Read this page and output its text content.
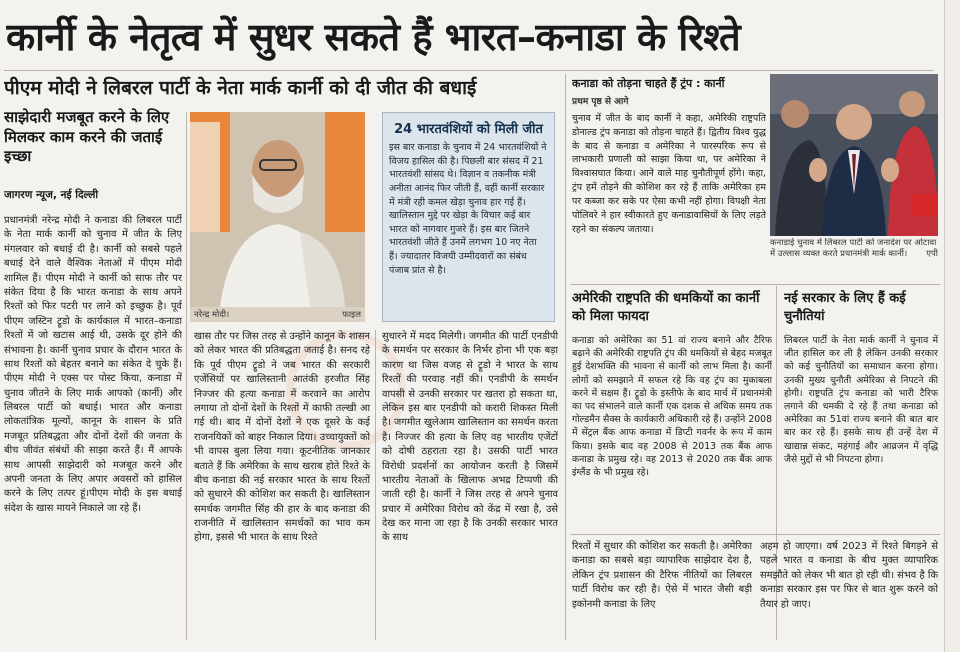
कार्नी के नेतृत्व में सुधर सकते हैं भारत–कनाडा के रिश्ते
पीएम मोदी ने लिबरल पार्टी के नेता मार्क कार्नी को दी जीत की बधाई
साझेदारी मजबूत करने के लिए मिलकर काम करने की जताई इच्छा
जागरण न्यूज, नई दिल्ली
प्रधानमंत्री नरेन्द्र मोदी ने कनाडा की लिबरल पार्टी के नेता मार्क कार्नी को चुनाव में जीत के लिए मंगलवार को बधाई दी है। कार्नी को सबसे पहले बधाई देने वाले वैश्विक नेताओं में पीएम मोदी शामिल हैं। पीएम मोदी ने कार्नी को साफ तौर पर संकेत दिया है कि भारत कनाडा के साथ अपने रिश्तों को फिर पटरी पर लाने को इच्छुक है। पूर्व पीएम जस्टिन ट्रूडो के कार्यकाल में भारत–कनाडा रिश्तों में जो खटास आई थी, उसके दूर होने की संभावना है। कार्नी चुनाव प्रचार के दौरान भारत के साथ रिश्तों को बेहतर बनाने का संकेत दे चुके हैं। पीएम मोदी ने एक्स पर पोस्ट किया, कनाडा में चुनाव जीतने के लिए मार्क आपको (कार्नी) और लिबरल पार्टी को बधाई। भारत और कनाडा लोकतांत्रिक मूल्यों, कानून के शासन के प्रति मजबूत प्रतिबद्धता और दोनों देशों की जनता के बीच जीवंत संबंधों की साझा करते हैं। मैं आपके साथ आपसी साझेदारी को मजबूत करने और अपनी जनता के लिए अपार अवसरों को हासिल करने के लिए तत्पर हूं।पीएम मोदी के इस बधाई संदेश के खास मायने निकाले जा रहे हैं।
नरेन्द्र मोदी।	फाइल
24 भारतवंशियों को मिली जीत
इस बार कनाडा के चुनाव में 24 भारतवंशियों ने विजय हासिल की है। पिछली बार संसद में 21 भारतवंशी सांसद थे। विज्ञान व तकनीक मंत्री अनीता आनंद फिर जीती हैं, वहीं कार्नी सरकार में मंत्री रही कमल खेड़ा चुनाव हार गई हैं। खालिस्तान मुद्दे पर खेड़ा के विचार कई बार भारत को नागवार गुजरे हैं। इस बार जितने भारतवंशी जीते हैं उनमें लगभग 10 नए नेता हैं। ज्यादातर विजयी उम्मीदवारों का संबंध पंजाब प्रांत से है।
खास तौर पर जिस तरह से उन्होंने कानून के शासन को लेकर भारत की प्रतिबद्धता जताई है। सनद रहे कि पूर्व पीएम ट्रूडो ने जब भारत की सरकारी एजेंसियों पर खालिस्तानी आतंकी हरजीत सिंह निज्जर की हत्या कनाडा में करवाने का आरोप लगाया तो दोनों देशों के रिश्तों में काफी तल्खी आ गई थी। बाद में दोनों देशों ने एक दूसरे के कई राजनयिकों को बाहर निकाल दिया। उच्चायुक्तों को भी वापस बुला लिया गया। कूटनीतिक जानकार बताते हैं कि अमेरिका के साथ खराब होते रिश्ते के बीच कनाडा की नई सरकार भारत के साथ रिश्तों को सुधारने की कोशिश कर सकती है। खालिस्तान समर्थक जगमीत सिंह की हार के बाद कनाडा की राजनीति में खालिस्तान समर्थकों का भाव कम होगा, इससे भी भारत के साथ रिश्ते
सुधारने में मदद मिलेगी। जगमीत की पार्टी एनडीपी के समर्थन पर सरकार के निर्भर होना भी एक बड़ा कारण था जिस वजह से ट्रूडो ने भारत के साथ रिश्तों की परवाह नहीं की। एनडीपी के समर्थन वापसी से उनकी सरकार पर खतरा हो सकता था, लेकिन इस बार एनडीपी को करारी शिकस्त मिली है। जगमीत खुलेआम खालिस्तान का समर्थन करता है। निज्जर की हत्या के लिए वह भारतीय एजेंटों को दोषी ठहराता रहा है। उसकी पार्टी भारत विरोधी प्रदर्शनों का आयोजन करती है जिसमें भारतीय नेताओं के खिलाफ अभद्र टिप्पणी की जाती रही है। कार्नी ने जिस तरह से अपने चुनाव प्रचार में अमेरिका विरोध को केंद्र में रखा है, उसे देख कर माना जा रहा है कि उनकी सरकार भारत के साथ
कनाडा को तोड़ना चाहते हैं ट्रंप : कार्नी
प्रथम पृष्ठ से आगे
चुनाव में जीत के बाद कार्नी ने कहा, अमेरिकी राष्ट्रपति डोनाल्ड ट्रंप कनाडा को तोड़ना चाहते हैं। द्वितीय विश्व युद्ध के बाद से कनाडा व अमेरिका ने पारस्परिक रूप से लाभकारी प्रणाली को साझा किया था, पर अमेरिका ने विश्वासघात किया। आने वाले माह चुनौतीपूर्ण होंगे। कहा, ट्रंप हमें तोड़ने की कोशिश कर रहे हैं ताकि अमेरिका हम पर कब्जा कर सके पर ऐसा कभी नहीं होगा। विपक्षी नेता पोलिवरे ने हार स्वीकारते हुए कनाडावासियों के लिए लड़ते रहने का संकल्प जताया।
कनाडाई चुनाव में लिबरल पार्टी को जनादेश पर ओटावा में उल्लास व्यक्त करते प्रधानमंत्री मार्क कार्नी। एपी
अमेरिकी राष्ट्रपति की धमकियों का कार्नी को मिला फायदा
कनाडा को अमेरिका का 51 वां राज्य बनाने और टैरिफ बढ़ाने की अमेरिकी राष्ट्रपति ट्रंप की धमकियों से बेहद मजबूत हुई देशभक्ति की भावना से कार्नी को लाभ मिला है। कार्नी लोगों को समझाने में सफल रहे कि वह ट्रंप का मुकाबला करने में सक्षम हैं। ट्रूडो के इस्तीफे के बाद मार्च में प्रधानमंत्री का पद संभालने वाले कार्नी एक दशक से अधिक समय तक गोल्डमैन सैक्स के कार्यकारी अधिकारी रहे हैं। उन्होंने 2008 में सेंट्रल बैंक आफ कनाडा में डिप्टी गवर्नर के रूप में काम किया। इसके बाद वह 2008 से 2013 तक बैंक आफ कनाडा के प्रमुख रहे। वह 2013 से 2020 तक बैंक आफ इंग्लैंड के भी प्रमुख रहे।
नई सरकार के लिए हैं कई चुनौतियां
लिबरल पार्टी के नेता मार्क कार्नी ने चुनाव में जीत हासिल कर ली है लेकिन उनकी सरकार को कई चुनौतियों का समाधान करना होगा। उनकी मुख्य चुनौती अमेरिका से निपटने की होगी। राष्ट्रपति ट्रंप कनाडा को भारी टैरिफ लगाने की धमकी दे रहे हैं तथा कनाडा को अमेरिका का 51वां राज्य बनाने की बात बार बार कर रहे हैं। इसके साथ ही उन्हें देश में खाद्यान्न संकट, महंगाई और आव्रजन में वृद्धि जैसे मुद्दों से भी निपटना होगा।
रिश्तों में सुधार की कोशिश कर सकती है। अमेरिका कनाडा का सबसे बड़ा व्यापारिक साझेदार देश है, लेकिन ट्रंप प्रशासन की टैरिफ नीतियों का लिबरल पार्टी विरोध कर रही है। ऐसे में भारत जैसी बड़ी इकोनमी कनाडा के लिए
अहम हो जाएगा। वर्ष 2023 में रिश्ते बिगड़ने से पहले भारत व कनाडा के बीच मुक्त व्यापारिक समझौते को लेकर भी बात हो रही थी। संभव है कि कनाडा सरकार इस पर फिर से बात शुरू करने को तैयार हो जाए।
